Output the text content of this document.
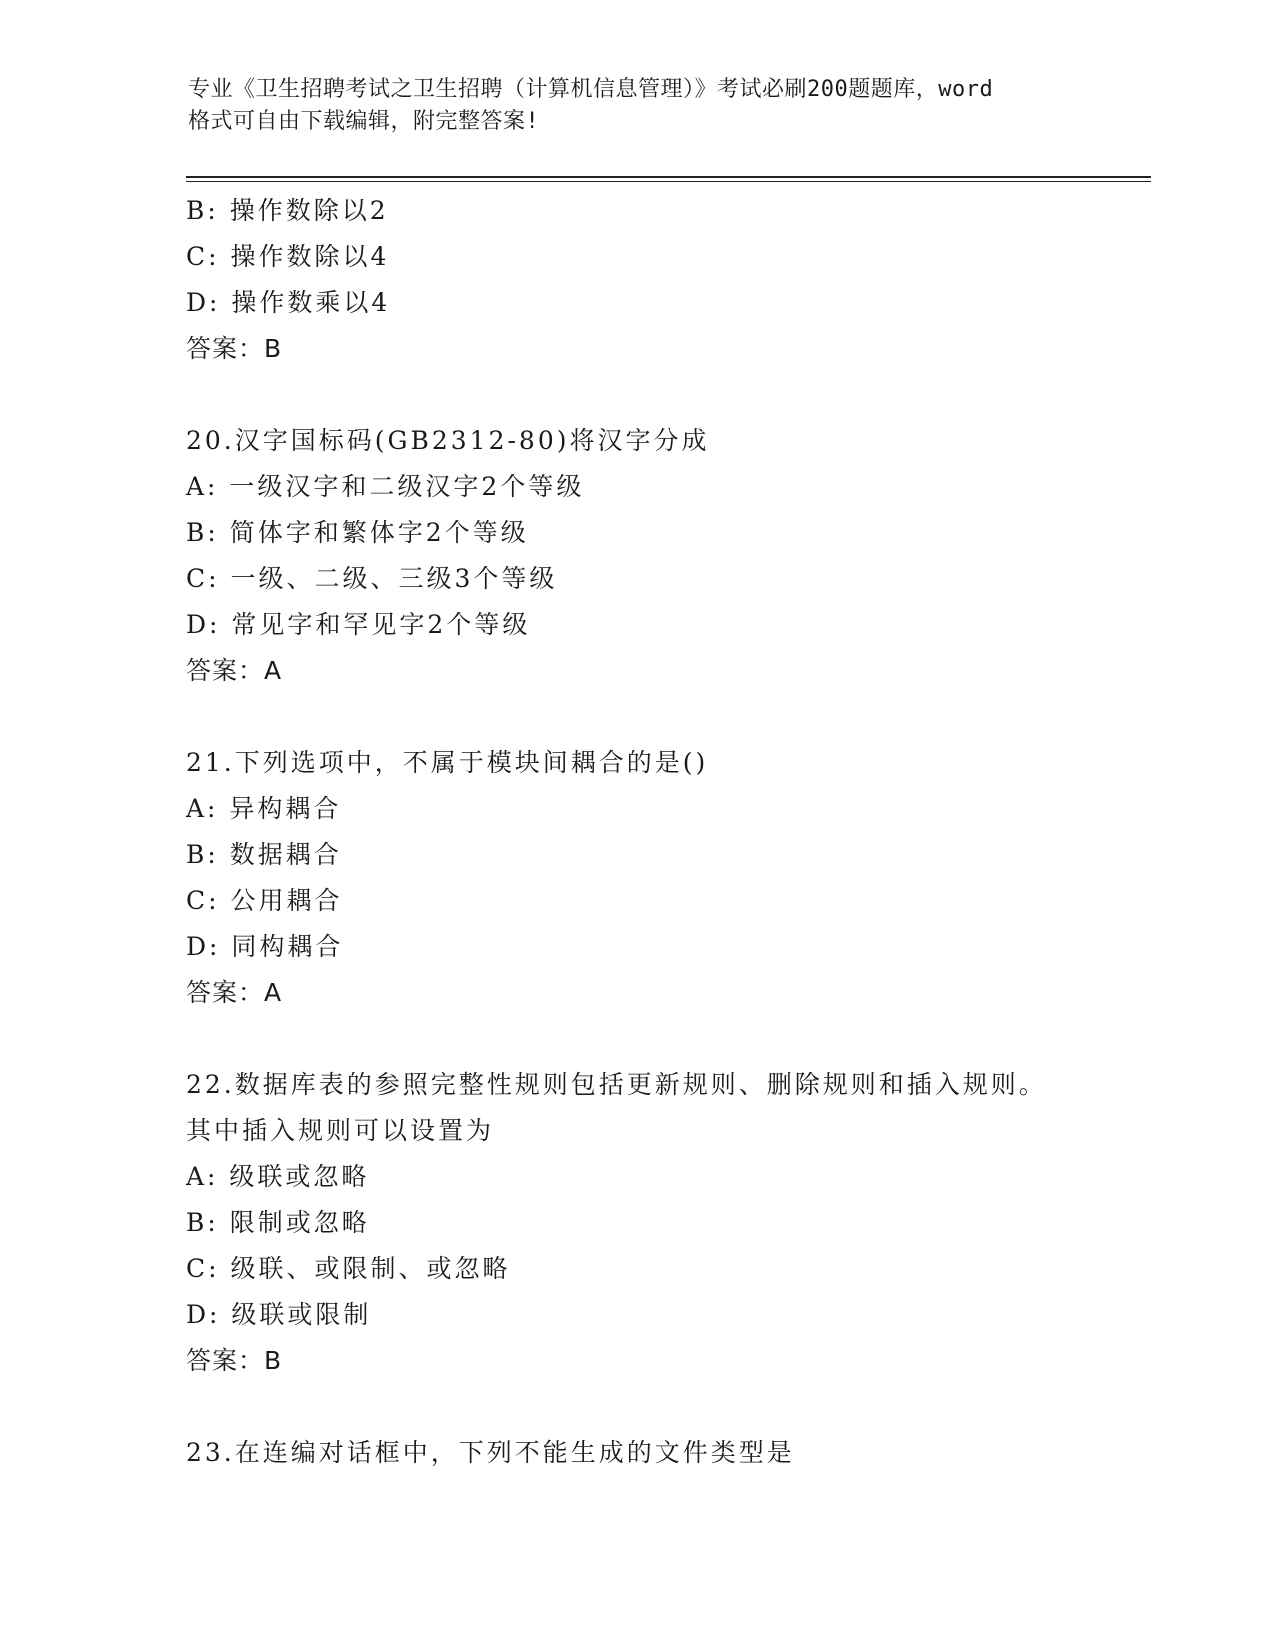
专业《卫生招聘考试之卫生招聘（计算机信息管理）》考试必刷200题题库，word
格式可自由下载编辑，附完整答案!
B: 操作数除以2
C: 操作数除以4
D: 操作数乘以4
答案：B
20.汉字国标码(GB2312-80)将汉字分成
A: 一级汉字和二级汉字2个等级
B: 简体字和繁体字2个等级
C: 一级、二级、三级3个等级
D: 常见字和罕见字2个等级
答案：A
21.下列选项中，不属于模块间耦合的是()
A: 异构耦合
B: 数据耦合
C: 公用耦合
D: 同构耦合
答案：A
22.数据库表的参照完整性规则包括更新规则、删除规则和插入规则。
其中插入规则可以设置为
A: 级联或忽略
B: 限制或忽略
C: 级联、或限制、或忽略
D: 级联或限制
答案：B
23.在连编对话框中，下列不能生成的文件类型是
